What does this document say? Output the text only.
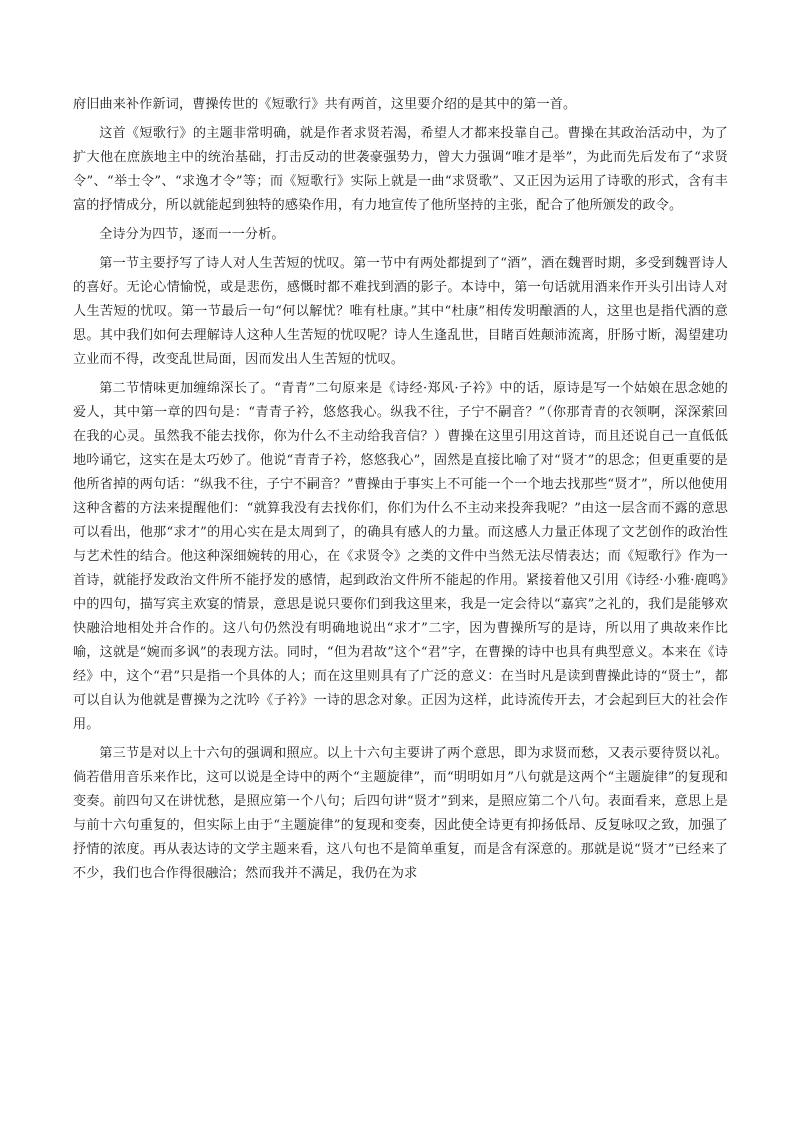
府旧曲来补作新词，曹操传世的《短歌行》共有两首，这里要介绍的是其中的第一首。

这首《短歌行》的主题非常明确，就是作者求贤若渴，希望人才都来投靠自己。曹操在其政治活动中，为了扩大他在庶族地主中的统治基础，打击反动的世袭豪强势力，曾大力强调“唯才是举”，为此而先后发布了“求贤令”、“举士令”、“求逸才令”等；而《短歌行》实际上就是一曲“求贤歌”、又正因为运用了诗歌的形式，含有丰富的抒情成分，所以就能起到独特的感染作用，有力地宣传了他所坚持的主张，配合了他所颁发的政令。

全诗分为四节，逐而一一分析。

第一节主要抒写了诗人对人生苦短的忧叹。第一节中有两处都提到了“酒”，酒在魏晋时期，多受到魏晋诗人的喜好。无论心情愉悦，或是悲伤，感慨时都不难找到酒的影子。本诗中，第一句话就用酒来作开头引出诗人对人生苦短的忧叹。第一节最后一句“何以解忧？唯有杜康。”其中“杜康”相传发明酿酒的人，这里也是指代酒的意思。其中我们如何去理解诗人这种人生苦短的忧叹呢？诗人生逢乱世，目睹百姓颠沛流离，肝肠寸断，渴望建功立业而不得，改变乱世局面，因而发出人生苦短的忧叹。

第二节情味更加缠绵深长了。“青青”二句原来是《诗经·郑风·子衿》中的话，原诗是写一个姑娘在思念她的爱人，其中第一章的四句是：“青青子衿，悠悠我心。纵我不往，子宁不嗣音？”（你那青青的衣领啊，深深萦回在我的心灵。虽然我不能去找你，你为什么不主动给我音信？）曹操在这里引用这首诗，而且还说自己一直低低地吟诵它，这实在是太巧妙了。他说“青青子衿，悠悠我心”，固然是直接比喻了对“贤才”的思念；但更重要的是他所省掉的两句话：“纵我不往，子宁不嗣音？”曹操由于事实上不可能一个一个地去找那些“贤才”，所以他使用这种含蓄的方法来提醒他们：“就算我没有去找你们，你们为什么不主动来投奔我呢？”由这一层含而不露的意思可以看出，他那“求才”的用心实在是太周到了，的确具有感人的力量。而这感人力量正体现了文艺创作的政治性与艺术性的结合。他这种深细婉转的用心，在《求贤令》之类的文件中当然无法尽情表达；而《短歌行》作为一首诗，就能抒发政治文件所不能抒发的感情，起到政治文件所不能起的作用。紧接着他又引用《诗经·小雅·鹿鸣》中的四句，描写宾主欢宴的情景，意思是说只要你们到我这里来，我是一定会待以“嘉宾”之礼的，我们是能够欢快融洽地相处并合作的。这八句仍然没有明确地说出“求才”二字，因为曹操所写的是诗，所以用了典故来作比喻，这就是“婉而多讽”的表现方法。同时，“但为君故”这个“君”字，在曹操的诗中也具有典型意义。本来在《诗经》中，这个“君”只是指一个具体的人；而在这里则具有了广泛的意义：在当时凡是读到曹操此诗的“贤士”，都可以自认为他就是曹操为之沈吟《子衿》一诗的思念对象。正因为这样，此诗流传开去，才会起到巨大的社会作用。

第三节是对以上十六句的强调和照应。以上十六句主要讲了两个意思，即为求贤而愁，又表示要待贤以礼。倘若借用音乐来作比，这可以说是全诗中的两个“主题旋律”，而“明明如月”八句就是这两个“主题旋律”的复现和变奏。前四句又在讲忧愁，是照应第一个八句；后四句讲“贤才”到来，是照应第二个八句。表面看来，意思上是与前十六句重复的，但实际上由于“主题旋律”的复现和变奏，因此使全诗更有抑扬低昂、反复咏叹之致，加强了抒情的浓度。再从表达诗的文学主题来看，这八句也不是简单重复，而是含有深意的。那就是说“贤才”已经来了不少，我们也合作得很融洽；然而我并不满足，我仍在为求
